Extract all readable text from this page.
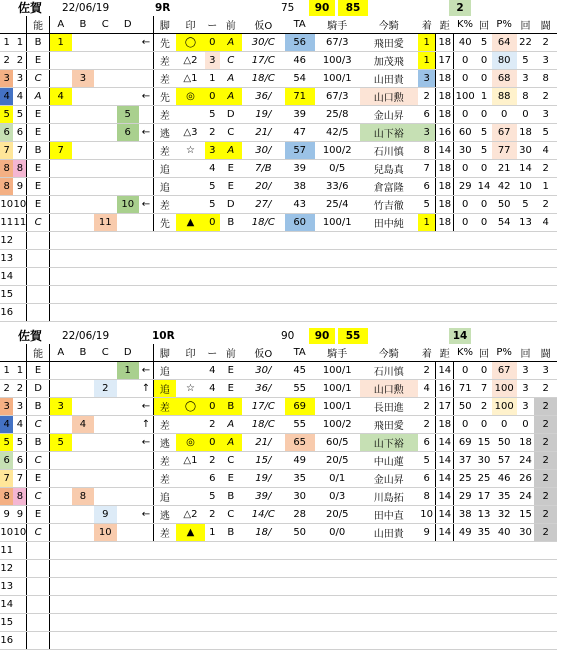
佐賀 22/06/19	9R	75	90	85	2
		能	A	B	C	D		脚	印	ー	前	仮O	TA	騎手	今騎	着	距	K%	回	P%	回	闘
1	1	B	1				←	先	◯	0	A	30/C	56	67/3	飛田愛	1	18	40	5	64	22	2
2	2	E						差	△2	3	C	17/C	46	100/3	加茂飛	1	17	0	0	80	5	3
3	3	C		3				差	△1	1	A	18/C	54	100/1	山田貴	3	18	0	0	68	3	8
4	4	A	4				←	先	◎	0	A	36/	71	67/3	山口勲	2	18	100	1	88	8	2
5	5	E				5		差		5	D	19/	39	25/8	金山昇	6	18	0	0	0	0	3
6	6	E				6	←	逃	△3	2	C	21/	47	42/5	山下裕	3	16	60	5	67	18	5
7	7	B	7					差	☆	3	A	30/	57	100/2	石川慎	8	14	30	5	77	30	4
8	8	E						追		4	E	7/B	39	0/5	兒島真	7	18	0	0	21	14	2
8	9	E						追		5	E	20/	38	33/6	倉富隆	6	18	29	14	42	10	1
10	10	E				10	←	差		5	D	27/	43	25/4	竹吉徹	5	18	0	0	50	5	2
11	11	C			11			先	▲	0	B	18/C	60	100/1	田中純	1	18	0	0	54	13	4
12																						
13																						
14																						
15																						
16																						
佐賀 22/06/19	10R	90	90	55	14
		能	A	B	C	D		脚	印	ー	前	仮O	TA	騎手	今騎	着	距	K%	回	P%	回	闘
1	1	E				1	←	追		4	E	30/	45	100/1	石川慎	2	14	0	0	67	3	3
2	2	D			2		↑	追	☆	4	E	36/	55	100/1	山口勲	4	16	71	7	100	3	2
3	3	B	3				←	差	◯	0	B	17/C	69	100/1	長田進	2	17	50	2	100	3	2
4	4	C		4			↑	差		2	A	18/C	55	100/2	飛田愛	2	18	0	0	0	0	2
5	5	B	5				←	逃	◎	0	A	21/	65	60/5	山下裕	6	14	69	15	50	18	2
6	6	C						差	△1	2	C	15/	49	20/5	中山蓮	5	14	37	30	57	24	2
7	7	E						差		6	E	19/	35	0/1	金山昇	6	14	25	25	46	26	2
8	8	C		8				追		5	B	39/	30	0/3	川島拓	8	14	29	17	35	24	2
9	9	E			9		←	逃	△2	2	C	14/C	28	20/5	田中直	10	14	38	13	32	15	2
10	10	C			10			差	▲	1	B	18/	50	0/0	山田貴	9	14	49	35	40	30	2
11																						
12																						
13																						
14																						
15																						
16																						
